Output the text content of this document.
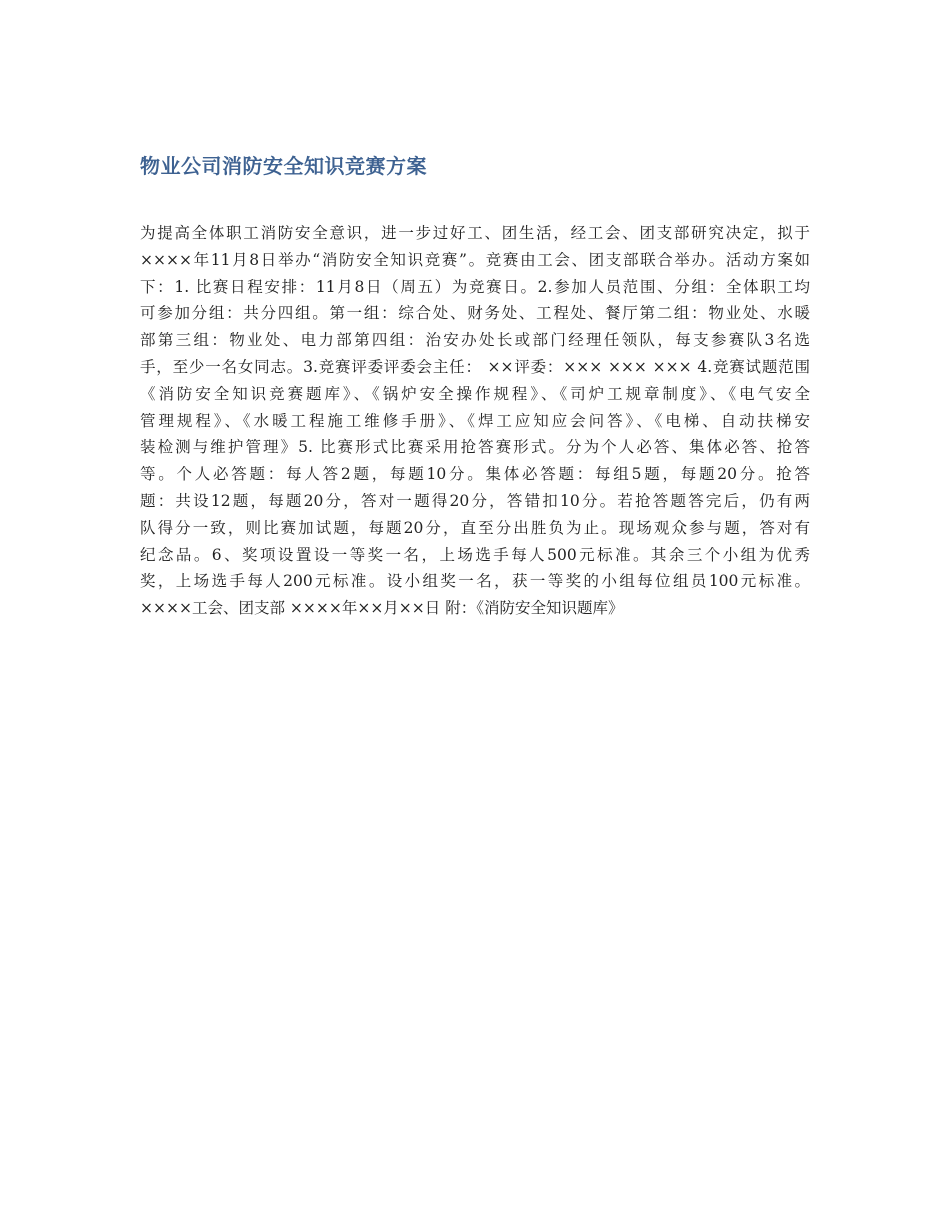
物业公司消防安全知识竞赛方案
为提高全体职工消防安全意识，进一步过好工、团生活，经工会、团支部研究决定，拟于
××××年11月8日举办“消防安全知识竞赛”。竞赛由工会、团支部联合举办。活动方案如
下：1. 比赛日程安排：11月8日（周五）为竞赛日。2.参加人员范围、分组：全体职工均
可参加分组：共分四组。第一组：综合处、财务处、工程处、餐厅第二组：物业处、水暖
部第三组：物业处、电力部第四组：治安办处长或部门经理任领队，每支参赛队3名选
手，至少一名女同志。3.竞赛评委评委会主任： ××评委：××× ××× ××× 4.竞赛试题范围
《消防安全知识竞赛题库》、《锅炉安全操作规程》、《司炉工规章制度》、《电气安全
管理规程》、《水暖工程施工维修手册》、《焊工应知应会问答》、《电梯、自动扶梯安
装检测与维护管理》5. 比赛形式比赛采用抢答赛形式。分为个人必答、集体必答、抢答
等。个人必答题：每人答2题，每题10分。集体必答题：每组5题，每题20分。抢答
题：共设12题，每题20分，答对一题得20分，答错扣10分。若抢答题答完后，仍有两
队得分一致，则比赛加试题，每题20分，直至分出胜负为止。现场观众参与题，答对有
纪念品。6、奖项设置设一等奖一名，上场选手每人500元标准。其余三个小组为优秀
奖，上场选手每人200元标准。设小组奖一名，获一等奖的小组每位组员100元标准。
××××工会、团支部 ××××年××月××日 附：《消防安全知识题库》
